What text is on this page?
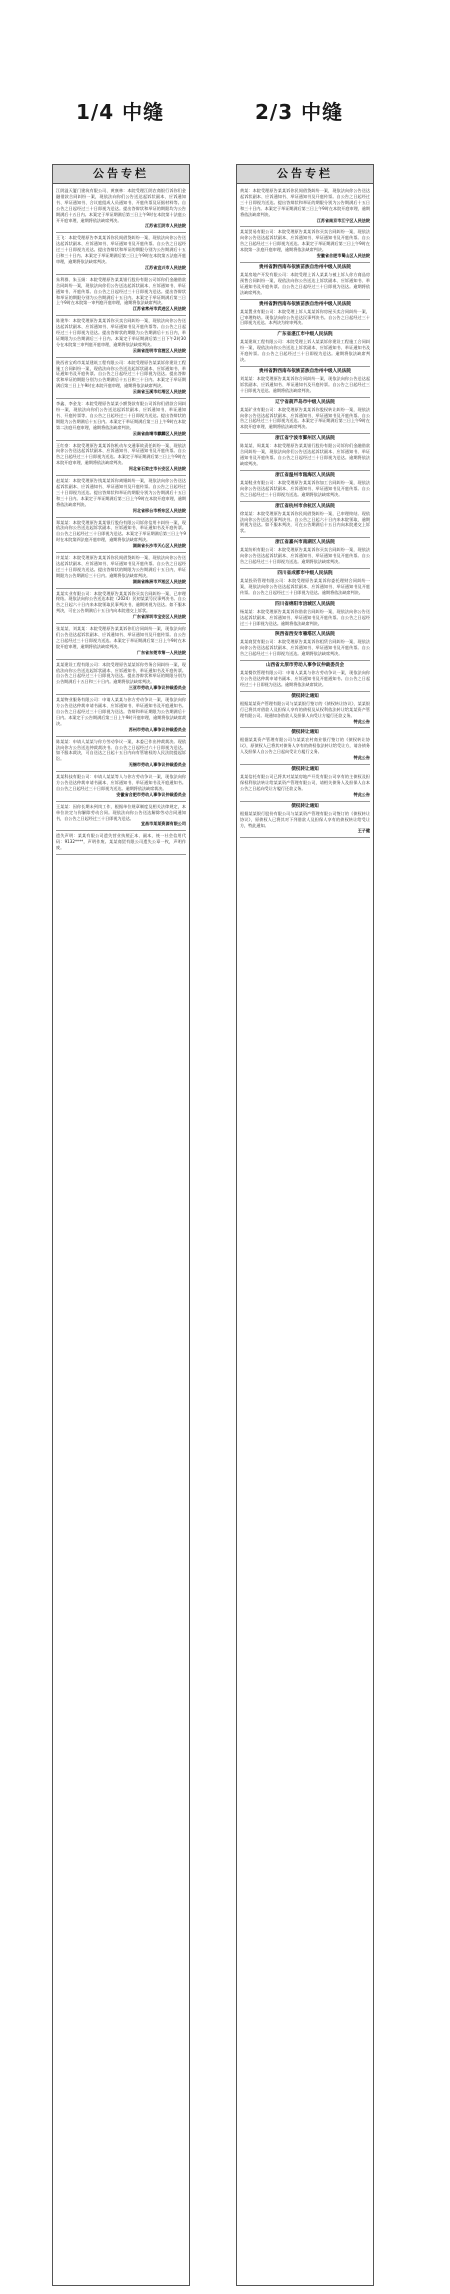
1/4 中缝	2/3 中缝
公告专栏
江阴溢天厦门建筑有限公司、黄康林：本院受理江阴农商银行诉你们金融借款合同纠纷一案，现依法向你们公告送达起诉状副本、应诉通知书、举证通知书、合议庭组成人员通知书、开庭传票及证据材料等。自公告之日起经过三十日即视为送达。提出答辩状和举证的期限均为公告期满后十五日内。本案定于举证期满后第三日上午9时在本院第十法庭公开开庭审理，逾期将依法缺席判决。
江苏省江阴市人民法院
王飞：本院受理原告李某某诉你民间借贷纠纷一案，现依法向你公告送达起诉状副本、应诉通知书、举证通知书及开庭传票。自公告之日起经过三十日即视为送达。提出答辩状和举证的期限分别为公告期满后十五日和三十日内。本案定于举证期满后第三日上午9时在本院第五法庭开庭审理，逾期将依法缺席判决。
江苏省宜兴市人民法院
朱利群、朱玉娟：本院受理原告某某银行股份有限公司诉你们金融借款合同纠纷一案，现依法向你们公告送达起诉状副本、应诉通知书、举证通知书、开庭传票。自公告之日起经过三十日即视为送达。提出答辩状和举证的期限分别为公告期满后十五日内。本案定于举证期满后第三日上午9时在本院第一审判庭开庭审理，逾期将依法缺席判决。
江苏省常州市武进区人民法院
陈建华：本院受理原告某某诉你买卖合同纠纷一案，现依法向你公告送达起诉状副本、应诉通知书、举证通知书及开庭传票等。自公告之日起经过三十日即视为送达。提出答辩状的期限为公告期满后十五日内，举证期限为公告期满后三十日内。本案定于举证期满后第三日下午2时30分在本院第三审判庭开庭审理，逾期将依法缺席判决。
云南省昆明市官渡区人民法院
陕西省宝鸡市某某建筑工程有限公司：本院受理原告某某诉你建设工程施工合同纠纷一案，现依法向你公告送达起诉状副本、应诉通知书、举证通知书及开庭传票。自公告之日起经过三十日即视为送达。提出答辩状和举证的期限分别为公告期满后十五日和三十日内。本案定于举证期满后第三日上午9时在本院开庭审理，逾期将依法缺席判决。
云南省玉溪市红塔区人民法院
李鑫、李金龙：本院受理原告某某小额贷款有限公司诉你们借款合同纠纷一案，现依法向你们公告送达起诉状副本、应诉通知书、举证通知书、开庭传票等。自公告之日起经过三十日即视为送达。提出答辩状的期限为公告期满后十五日内。本案定于举证期满后第三日上午9时在本院第二法庭开庭审理，逾期将依法缺席判决。
云南省曲靖市麒麟区人民法院
王红豪：本院受理原告某某诉你机动车交通事故责任纠纷一案，现依法向你公告送达起诉状副本、应诉通知书、举证通知书及开庭传票。自公告之日起经过三十日即视为送达。本案定于举证期满后第三日上午9时在本院开庭审理，逾期将依法缺席判决。
河北省石家庄市长安区人民法院
赵某某：本院受理原告钱某某诉你离婚纠纷一案，现依法向你公告送达起诉状副本、应诉通知书、举证通知书及开庭传票。自公告之日起经过三十日即视为送达。提出答辩状和举证的期限分别为公告期满后十五日和三十日内。本案定于举证期满后第三日上午9时在本院开庭审理，逾期将依法缺席判决。
河北省邢台市桥东区人民法院
郑某某：本院受理原告某某银行股份有限公司诉你信用卡纠纷一案，现依法向你公告送达起诉状副本、应诉通知书、举证通知书及开庭传票。自公告之日起经过三十日即视为送达。本案定于举证期满后第三日上午9时在本院第四法庭开庭审理，逾期将依法缺席判决。
湖南省长沙市天心区人民法院
许某某：本院受理原告某某诉你民间借贷纠纷一案，现依法向你公告送达起诉状副本、应诉通知书、举证通知书及开庭传票。自公告之日起经过三十日即视为送达。提出答辩状的期限为公告期满后十五日内，举证期限为公告期满后三十日内。逾期将依法缺席判决。
湖南省株洲市芦淞区人民法院
某某实业有限公司：本院受理原告某某诉你买卖合同纠纷一案，已审理终结。现依法向你公告送达本院（2024）民初某某号民事判决书。自公告之日起六十日内来本院领取民事判决书，逾期则视为送达。如不服本判决，可在公告期满后十五日内向本院递交上诉状。
广东省深圳市宝安区人民法院
张某某、刘某某：本院受理原告某某诉你们合同纠纷一案，现依法向你们公告送达起诉状副本、应诉通知书、举证通知书及开庭传票。自公告之日起经过三十日即视为送达。本案定于举证期满后第三日上午9时在本院开庭审理，逾期将依法缺席判决。
广东省东莞市第一人民法院
某某建设工程有限公司：本院受理原告某某诉你劳务合同纠纷一案，现依法向你公告送达起诉状副本、应诉通知书、举证通知书及开庭传票。自公告之日起经过三十日即视为送达。提出答辩状和举证的期限分别为公告期满后十五日和三十日内。逾期将依法缺席判决。
三亚市劳动人事争议仲裁委员会
某某物业服务有限公司：申请人某某与你方劳动争议一案，现依法向你方公告送达仲裁申请书副本、应诉通知书、举证通知书及开庭通知书。自公告之日起经过三十日即视为送达。答辩和举证期限为公告期满后十日内。本案定于公告期满后第三日上午9时开庭审理，逾期将依法缺席裁决。
苏州市劳动人事争议仲裁委员会
陈某某：申请人某某与你方劳动争议一案，本委已作出仲裁裁决。现依法向你方公告送达仲裁裁决书。自公告之日起经过六十日即视为送达。如不服本裁决，可自送达之日起十五日内向有管辖权的人民法院提起诉讼。
无锡市劳动人事争议仲裁委员会
某某科技有限公司：申请人某某等人与你方劳动争议一案，现依法向你方公告送达仲裁申请书副本、应诉通知书、举证通知书及开庭通知书。自公告之日起经过三十日即视为送达。逾期将依法缺席裁决。
安徽省合肥市劳动人事争议仲裁委员会
王某某：因你长期未到岗工作，根据单位规章制度及相关法律规定，本单位决定与你解除劳动合同。现依法向你公告送达解除劳动合同通知书，自公告之日起经过三十日即视为送达。
宜昌市某某资源有限公司
遗失声明：某某有限公司遗失营业执照正本、副本，统一社会信用代码：9132****，声明作废。某某商贸有限公司遗失公章一枚，声明作废。
公告专栏
黄某：本院受理原告某某诉你民间借贷纠纷一案，现依法向你公告送达起诉状副本、应诉通知书、举证通知书及开庭传票。自公告之日起经过三十日即视为送达。提出答辩状和举证的期限分别为公告期满后十五日和三十日内。本案定于举证期满后第三日上午9时在本院开庭审理，逾期将依法缺席判决。
江苏省南京市江宁区人民法院
某某贸易有限公司：本院受理原告某某诉你买卖合同纠纷一案，现依法向你公告送达起诉状副本、应诉通知书、举证通知书及开庭传票。自公告之日起经过三十日即视为送达。本案定于举证期满后第三日上午9时在本院第一法庭开庭审理，逾期将依法缺席判决。
安徽省合肥市蜀山区人民法院
贵州省黔西南布依族苗族自治州中级人民法院
某某房地产开发有限公司：本院受理上诉人某某与被上诉人你方商品房预售合同纠纷一案，现依法向你公告送达上诉状副本、应诉通知书、举证通知书及开庭传票。自公告之日起经过三十日即视为送达。逾期将依法缺席判决。
贵州省黔西南布依族苗族自治州中级人民法院
某某置业有限公司：本院受理上诉人某某诉你房屋买卖合同纠纷一案，已审理终结。现依法向你公告送达民事判决书。自公告之日起经过三十日即视为送达。本判决为终审判决。
广东省湛江市中级人民法院
某某建筑工程有限公司：本院受理上诉人某某诉你建设工程施工合同纠纷一案，现依法向你公告送达上诉状副本、应诉通知书、举证通知书及开庭传票。自公告之日起经过三十日即视为送达。逾期将依法缺席判决。
贵州省黔西南布依族苗族自治州中级人民法院
刘某某：本院受理原告某某诉你合同纠纷一案，现依法向你公告送达起诉状副本、应诉通知书、举证通知书及开庭传票。自公告之日起经过三十日即视为送达。逾期将依法缺席判决。
辽宁省葫芦岛市中级人民法院
某某矿业有限公司：本院受理原告某某诉你股权转让纠纷一案，现依法向你公告送达起诉状副本、应诉通知书、举证通知书及开庭传票。自公告之日起经过三十日即视为送达。本案定于举证期满后第三日上午9时在本院开庭审理，逾期将依法缺席判决。
浙江省宁波市鄞州区人民法院
陈某某、周某某：本院受理原告某某银行股份有限公司诉你们金融借款合同纠纷一案，现依法向你们公告送达起诉状副本、应诉通知书、举证通知书及开庭传票。自公告之日起经过三十日即视为送达。逾期将依法缺席判决。
浙江省温州市瓯海区人民法院
某某鞋业有限公司：本院受理原告某某诉你加工合同纠纷一案，现依法向你公告送达起诉状副本、应诉通知书、举证通知书及开庭传票。自公告之日起经过三十日即视为送达。逾期将依法缺席判决。
浙江省杭州市余杭区人民法院
徐某某：本院受理原告某某诉你民间借贷纠纷一案，已审理终结。现依法向你公告送达民事判决书。自公告之日起六十日内来本院领取，逾期则视为送达。如不服本判决，可在公告期满后十五日内向本院递交上诉状。
浙江省嘉兴市南湖区人民法院
某某纺织有限公司：本院受理原告某某诉你买卖合同纠纷一案，现依法向你公告送达起诉状副本、应诉通知书、举证通知书及开庭传票。自公告之日起经过三十日即视为送达。逾期将依法缺席判决。
四川省成都市中级人民法院
某某投资管理有限公司：本院受理原告某某诉你委托理财合同纠纷一案，现依法向你公告送达起诉状副本、应诉通知书、举证通知书及开庭传票。自公告之日起经过三十日即视为送达。逾期将依法缺席判决。
四川省绵阳市涪城区人民法院
杨某某：本院受理原告某某诉你借款合同纠纷一案，现依法向你公告送达起诉状副本、应诉通知书、举证通知书及开庭传票。自公告之日起经过三十日即视为送达。逾期将依法缺席判决。
陕西省西安市雁塔区人民法院
某某商贸有限公司：本院受理原告某某诉你租赁合同纠纷一案，现依法向你公告送达起诉状副本、应诉通知书、举证通知书及开庭传票。自公告之日起经过三十日即视为送达。逾期将依法缺席判决。
山西省太原市劳动人事争议仲裁委员会
某某餐饮管理有限公司：申请人某某与你方劳动争议一案，现依法向你方公告送达仲裁申请书副本、应诉通知书及开庭通知书。自公告之日起经过三十日即视为送达。逾期将依法缺席裁决。
债权转让通知
根据某某资产管理有限公司与某某银行签订的《债权转让协议》，某某银行已将其对借款人及担保人享有的债权及从权利依法转让给某某资产管理有限公司。现通知各借款人及担保人向受让方履行还款义务。
特此公告
债权转让通知
根据某某资产管理有限公司与某某农村商业银行签订的《债权转让协议》，原债权人已将其对债务人享有的债权依法转让给受让方，请各债务人及担保人自公告之日起向受让方履行义务。
特此公告
债权转让通知
某某信托有限公司已将其对某某房地产开发有限公司享有的主债权及担保权利依法转让给某某资产管理有限公司，请相关债务人及担保人自本公告之日起向受让方履行还款义务。
特此公告
债权转让通知
根据某某银行股份有限公司与某某资产管理有限公司签订的《债权转让协议》，原债权人已将其对下列借款人及担保人享有的债权转让给受让方，特此通知。
王子健
